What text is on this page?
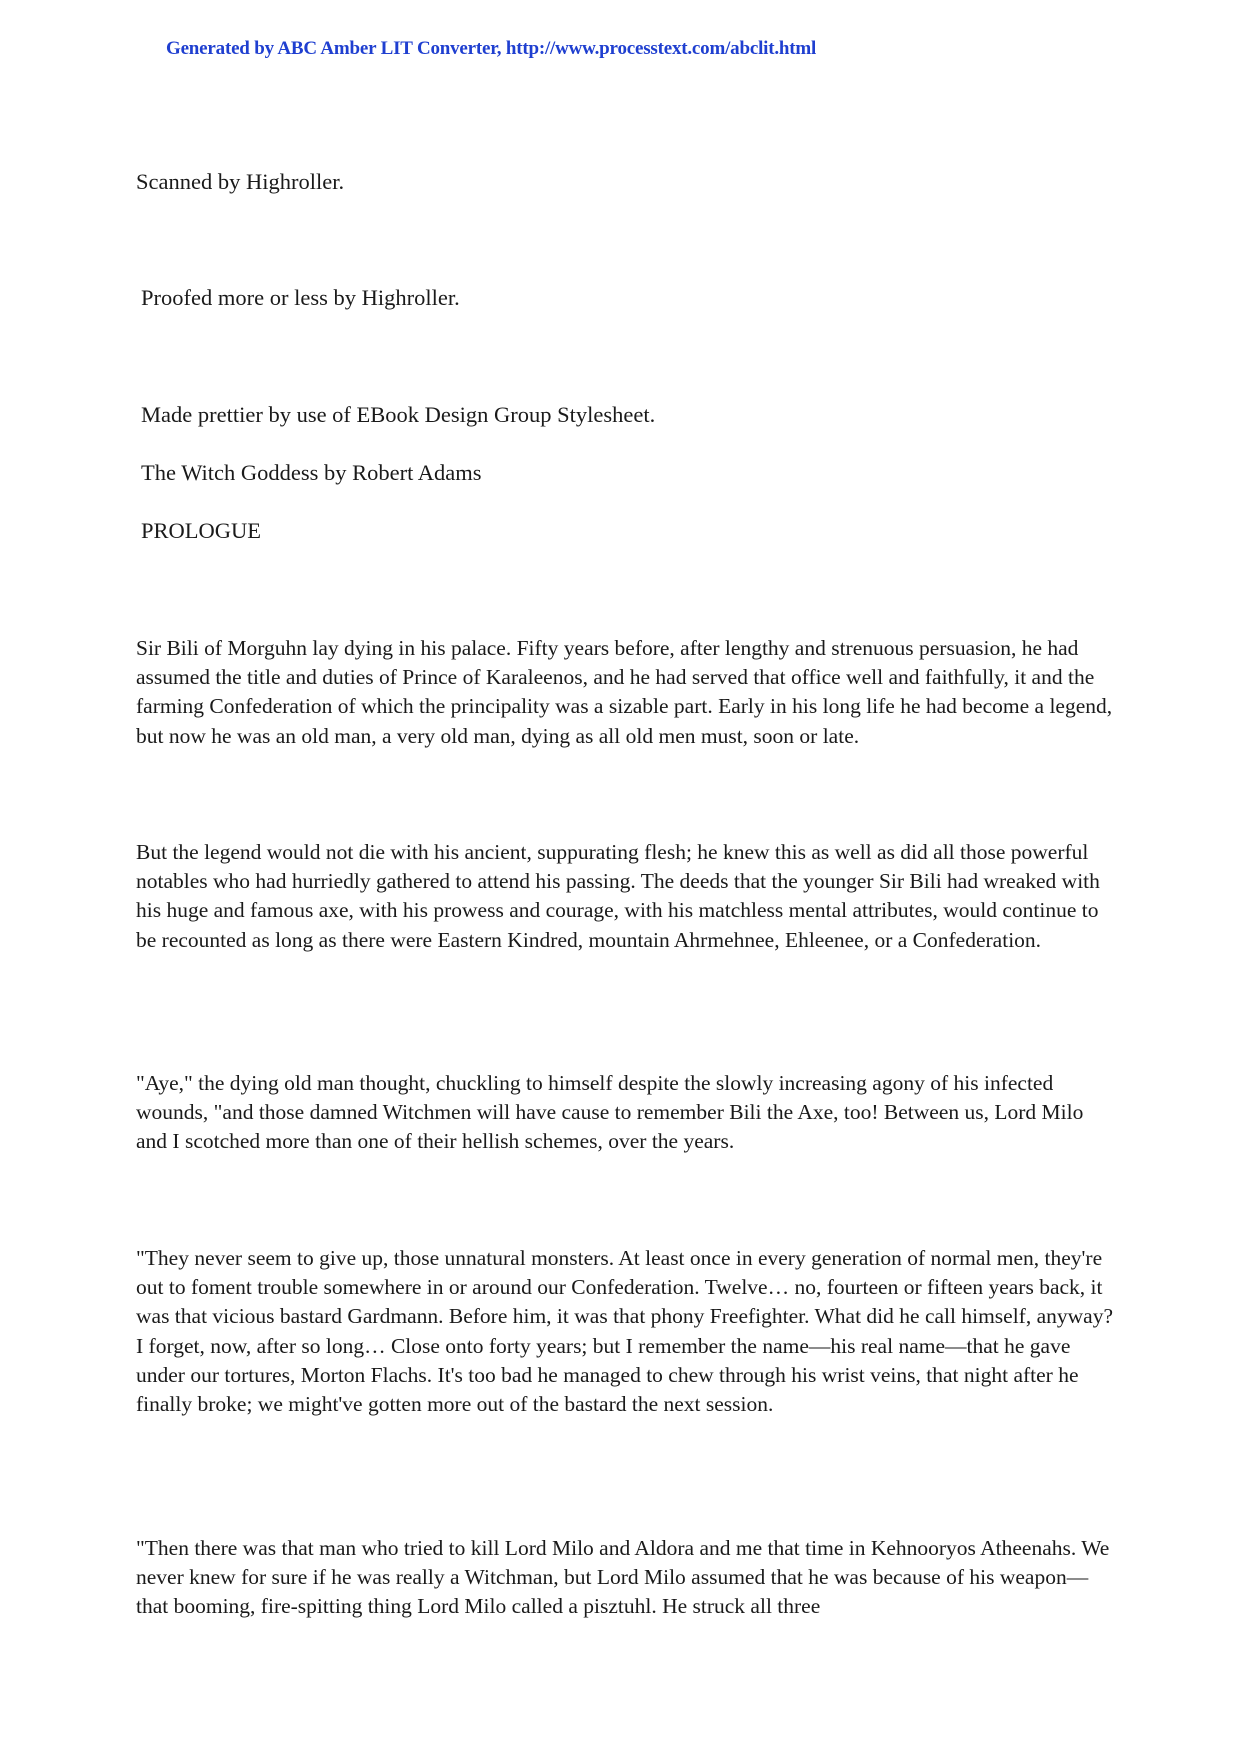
Generated by ABC Amber LIT Converter, http://www.processtext.com/abclit.html
Scanned by Highroller.
Proofed more or less by Highroller.
Made prettier by use of EBook Design Group Stylesheet.
The Witch Goddess by Robert Adams
PROLOGUE
Sir Bili of Morguhn lay dying in his palace. Fifty years before, after lengthy and strenuous persuasion, he had assumed the title and duties of Prince of Karaleenos, and he had served that office well and faithfully, it and the farming Confederation of which the principality was a sizable part. Early in his long life he had become a legend, but now he was an old man, a very old man, dying as all old men must, soon or late.
But the legend would not die with his ancient, suppurating flesh; he knew this as well as did all those powerful notables who had hurriedly gathered to attend his passing. The deeds that the younger Sir Bili had wreaked with his huge and famous axe, with his prowess and courage, with his matchless mental attributes, would continue to be recounted as long as there were Eastern Kindred, mountain Ahrmehnee, Ehleenee, or a Confederation.
"Aye," the dying old man thought, chuckling to himself despite the slowly increasing agony of his infected wounds, "and those damned Witchmen will have cause to remember Bili the Axe, too! Between us, Lord Milo and I scotched more than one of their hellish schemes, over the years.
"They never seem to give up, those unnatural monsters. At least once in every generation of normal men, they're out to foment trouble somewhere in or around our Confederation. Twelve… no, fourteen or fifteen years back, it was that vicious bastard Gardmann. Before him, it was that phony Freefighter. What did he call himself, anyway? I forget, now, after so long… Close onto forty years; but I remember the name—his real name—that he gave under our tortures, Morton Flachs. It's too bad he managed to chew through his wrist veins, that night after he finally broke; we might've gotten more out of the bastard the next session.
"Then there was that man who tried to kill Lord Milo and Aldora and me that time in Kehnooryos Atheenahs. We never knew for sure if he was really a Witchman, but Lord Milo assumed that he was because of his weapon—that booming, fire-spitting thing Lord Milo called a pisztuhl. He struck all three
